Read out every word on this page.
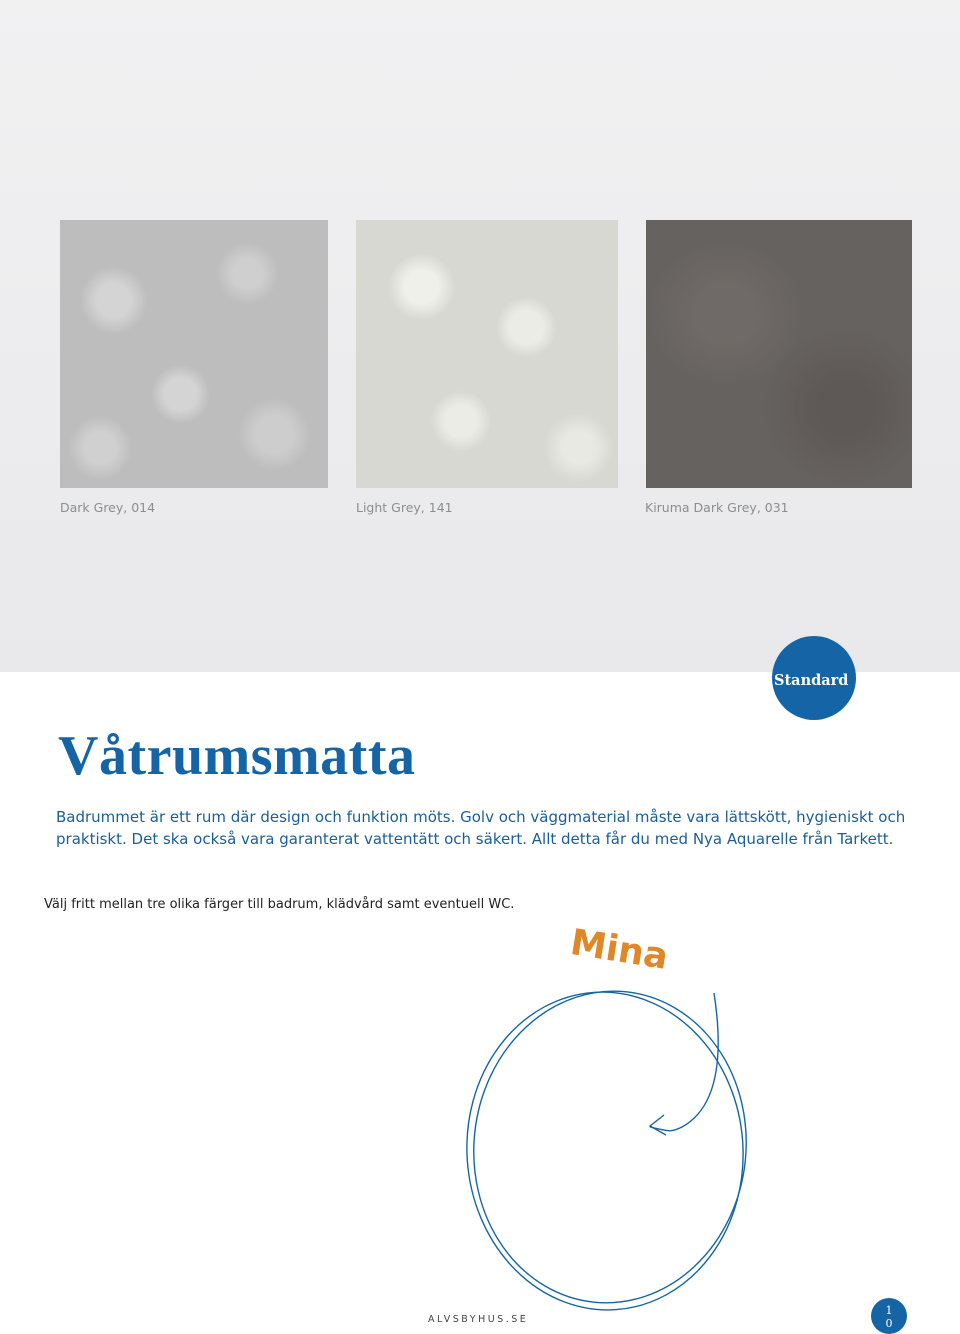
Dark Grey, 014	Light Grey, 141	Kiruma Dark Grey, 031
Standard
Våtrumsmatta

Badrummet är ett rum där design och funktion möts. Golv och väggmaterial måste vara lättskött, hygieniskt och praktiskt. Det ska också vara garanterat vattentätt och säkert. Allt detta får du med Nya Aquarelle från Tarkett.

Välj fritt mellan tre olika färger till badrum, klädvård samt eventuell WC.

Mina
ALVSBYHUS.SE
1
0
